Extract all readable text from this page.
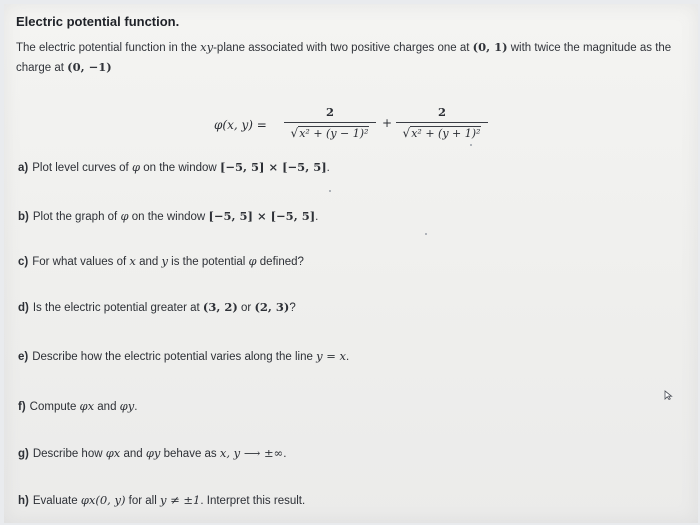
Electric potential function.
The electric potential function in the xy-plane associated with two positive charges one at (0, 1) with twice the magnitude as the charge at (0, −1)
φ(x, y) =
2
√x² + (y − 1)²
+
2
√x² + (y + 1)²
a) Plot level curves of φ on the window [−5, 5] × [−5, 5].
b) Plot the graph of φ on the window [−5, 5] × [−5, 5].
c) For what values of x and y is the potential φ defined?
d) Is the electric potential greater at (3, 2) or (2, 3)?
e) Describe how the electric potential varies along the line y = x.
f) Compute φx and φy.
g) Describe how φx and φy behave as x, y ⟶ ±∞.
h) Evaluate φx(0, y) for all y ≠ ±1. Interpret this result.
